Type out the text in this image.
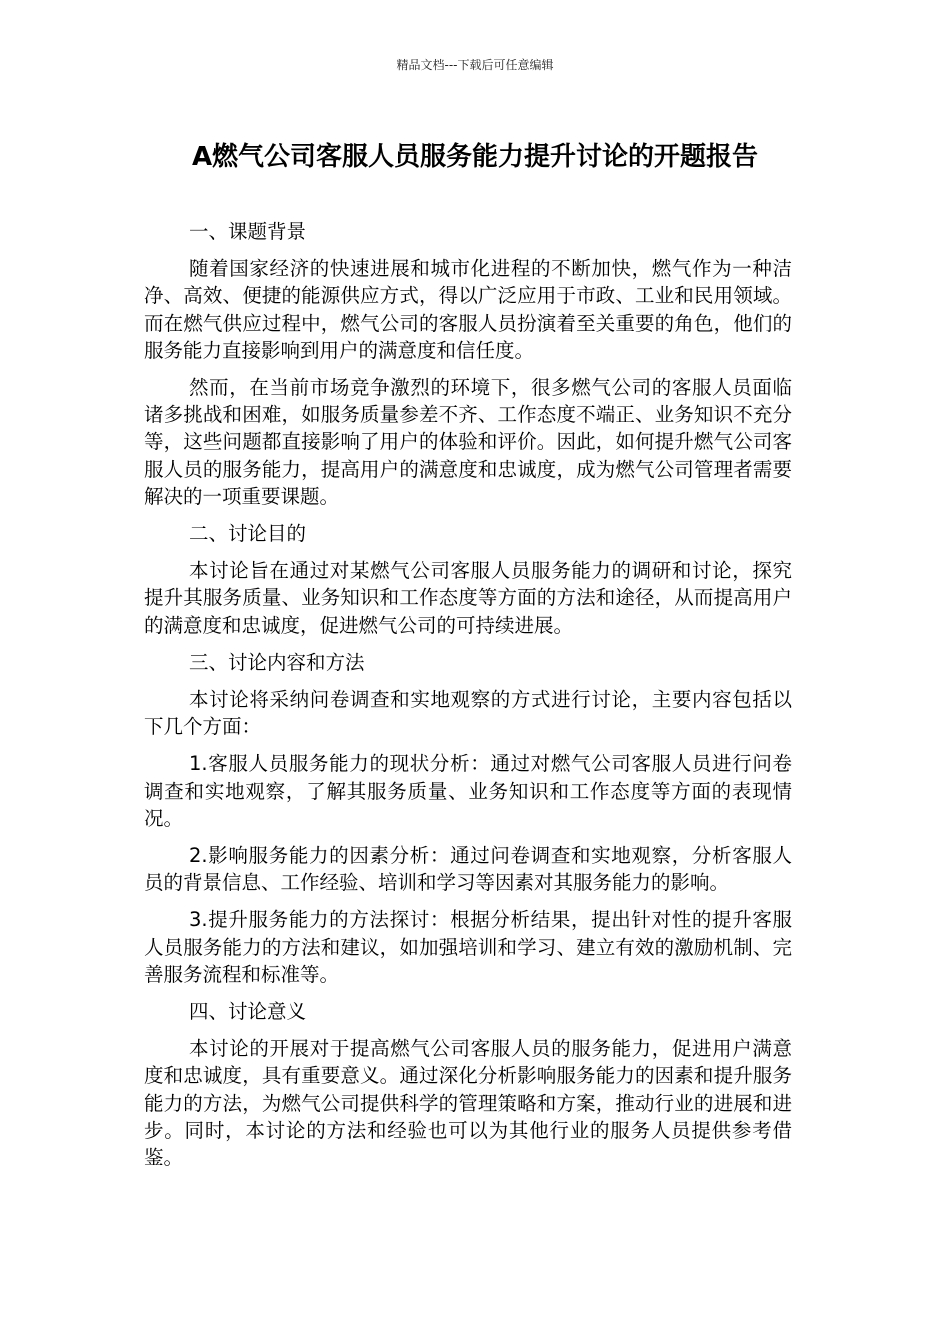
精品文档---下载后可任意编辑
A燃气公司客服人员服务能力提升讨论的开题报告

一、课题背景

随着国家经济的快速进展和城市化进程的不断加快，燃气作为一种洁净、高效、便捷的能源供应方式，得以广泛应用于市政、工业和民用领域。而在燃气供应过程中，燃气公司的客服人员扮演着至关重要的角色，他们的服务能力直接影响到用户的满意度和信任度。

然而，在当前市场竞争激烈的环境下，很多燃气公司的客服人员面临诸多挑战和困难，如服务质量参差不齐、工作态度不端正、业务知识不充分等，这些问题都直接影响了用户的体验和评价。因此，如何提升燃气公司客服人员的服务能力，提高用户的满意度和忠诚度，成为燃气公司管理者需要解决的一项重要课题。

二、讨论目的

本讨论旨在通过对某燃气公司客服人员服务能力的调研和讨论，探究提升其服务质量、业务知识和工作态度等方面的方法和途径，从而提高用户的满意度和忠诚度，促进燃气公司的可持续进展。

三、讨论内容和方法

本讨论将采纳问卷调查和实地观察的方式进行讨论，主要内容包括以下几个方面：

1.客服人员服务能力的现状分析：通过对燃气公司客服人员进行问卷调查和实地观察，了解其服务质量、业务知识和工作态度等方面的表现情况。

2.影响服务能力的因素分析：通过问卷调查和实地观察，分析客服人员的背景信息、工作经验、培训和学习等因素对其服务能力的影响。

3.提升服务能力的方法探讨：根据分析结果，提出针对性的提升客服人员服务能力的方法和建议，如加强培训和学习、建立有效的激励机制、完善服务流程和标准等。

四、讨论意义

本讨论的开展对于提高燃气公司客服人员的服务能力，促进用户满意度和忠诚度，具有重要意义。通过深化分析影响服务能力的因素和提升服务能力的方法，为燃气公司提供科学的管理策略和方案，推动行业的进展和进步。同时，本讨论的方法和经验也可以为其他行业的服务人员提供参考借鉴。
